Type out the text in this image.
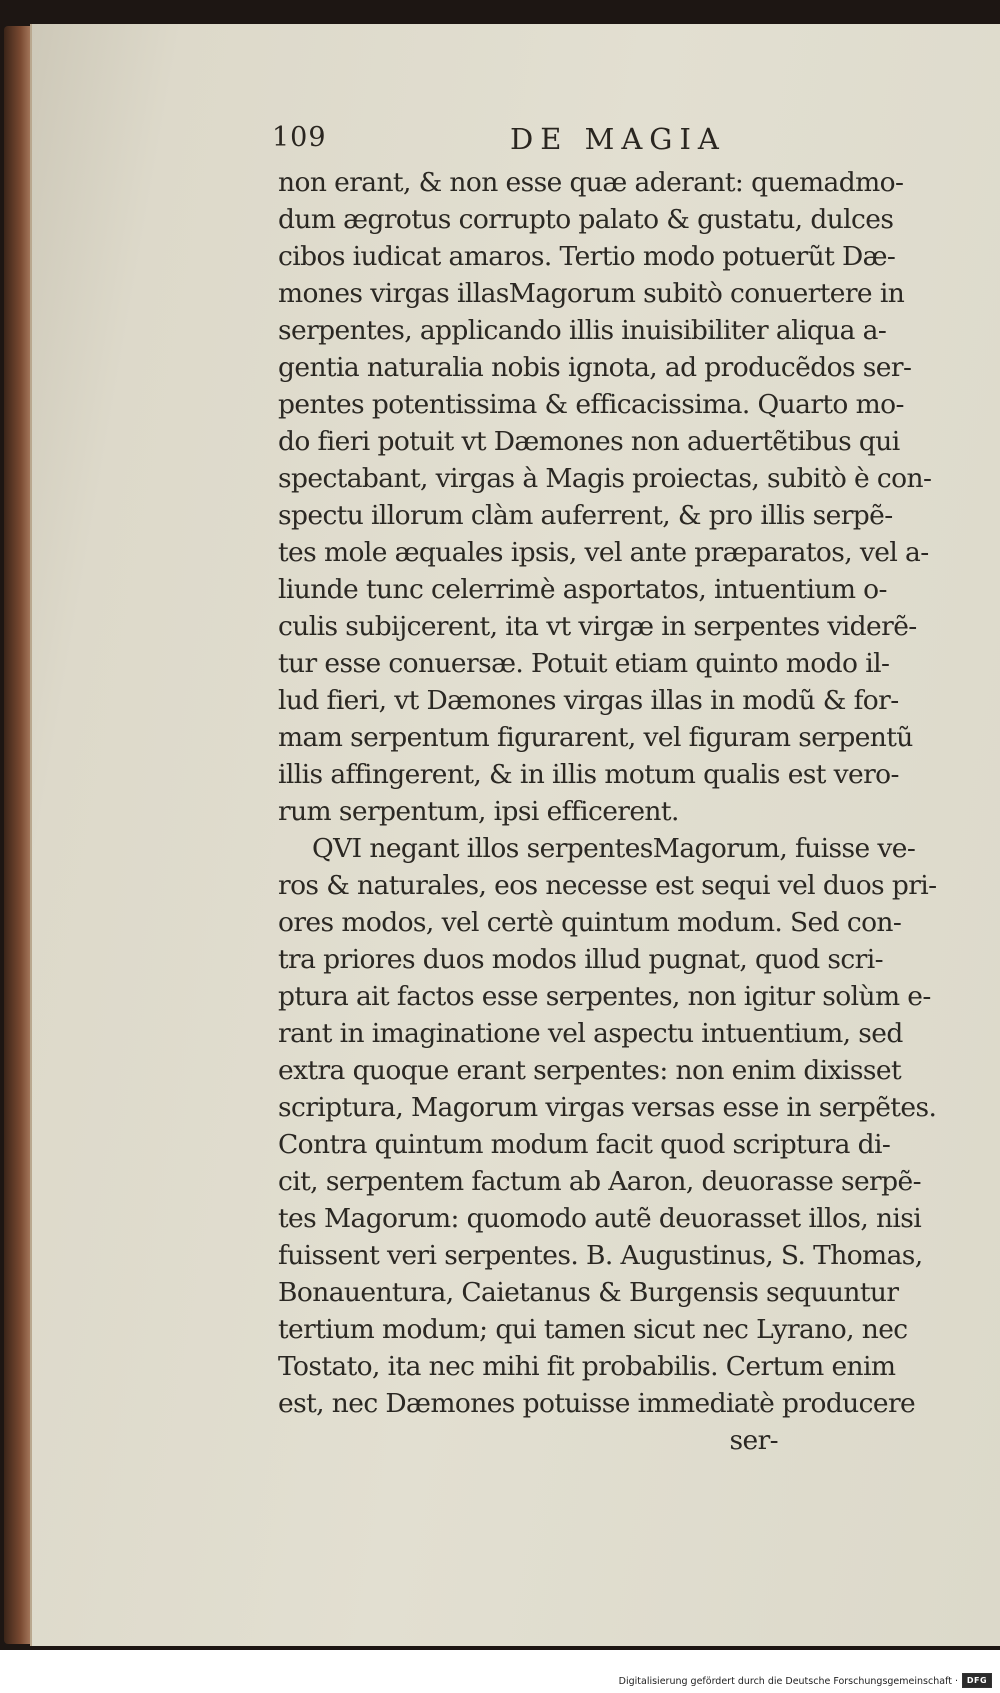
109	DE MAGIA
non erant, & non esse quæ aderant: quemadmo-
dum ægrotus corrupto palato & gustatu, dulces
cibos iudicat amaros. Tertio modo potuerũt Dæ-
mones virgas illasMagorum subitò conuertere in
serpentes, applicando illis inuisibiliter aliqua a-
gentia naturalia nobis ignota, ad producẽdos ser-
pentes potentissima & efficacissima. Quarto mo-
do fieri potuit vt Dæmones non aduertẽtibus qui
spectabant, virgas à Magis proiectas, subitò è con-
spectu illorum clàm auferrent, & pro illis serpẽ-
tes mole æquales ipsis, vel ante præparatos, vel a-
liunde tunc celerrimè asportatos, intuentium o-
culis subijcerent, ita vt virgæ in serpentes viderẽ-
tur esse conuersæ. Potuit etiam quinto modo il-
lud fieri, vt Dæmones virgas illas in modũ & for-
mam serpentum figurarent, vel figuram serpentũ
illis affingerent, & in illis motum qualis est vero-
rum serpentum, ipsi efficerent.
QVI negant illos serpentesMagorum, fuisse ve-
ros & naturales, eos necesse est sequi vel duos pri-
ores modos, vel certè quintum modum. Sed con-
tra priores duos modos illud pugnat, quod scri-
ptura ait factos esse serpentes, non igitur solùm e-
rant in imaginatione vel aspectu intuentium, sed
extra quoque erant serpentes: non enim dixisset
scriptura, Magorum virgas versas esse in serpẽtes.
Contra quintum modum facit quod scriptura di-
cit, serpentem factum ab Aaron, deuorasse serpẽ-
tes Magorum: quomodo autẽ deuorasset illos, nisi
fuissent veri serpentes. B. Augustinus, S. Thomas,
Bonauentura, Caietanus & Burgensis sequuntur
tertium modum; qui tamen sicut nec Lyrano, nec
Tostato, ita nec mihi fit probabilis. Certum enim
est, nec Dæmones potuisse immediatè producere
ser-
Digitalisierung gefördert durch die Deutsche Forschungsgemeinschaft ·	DFG
